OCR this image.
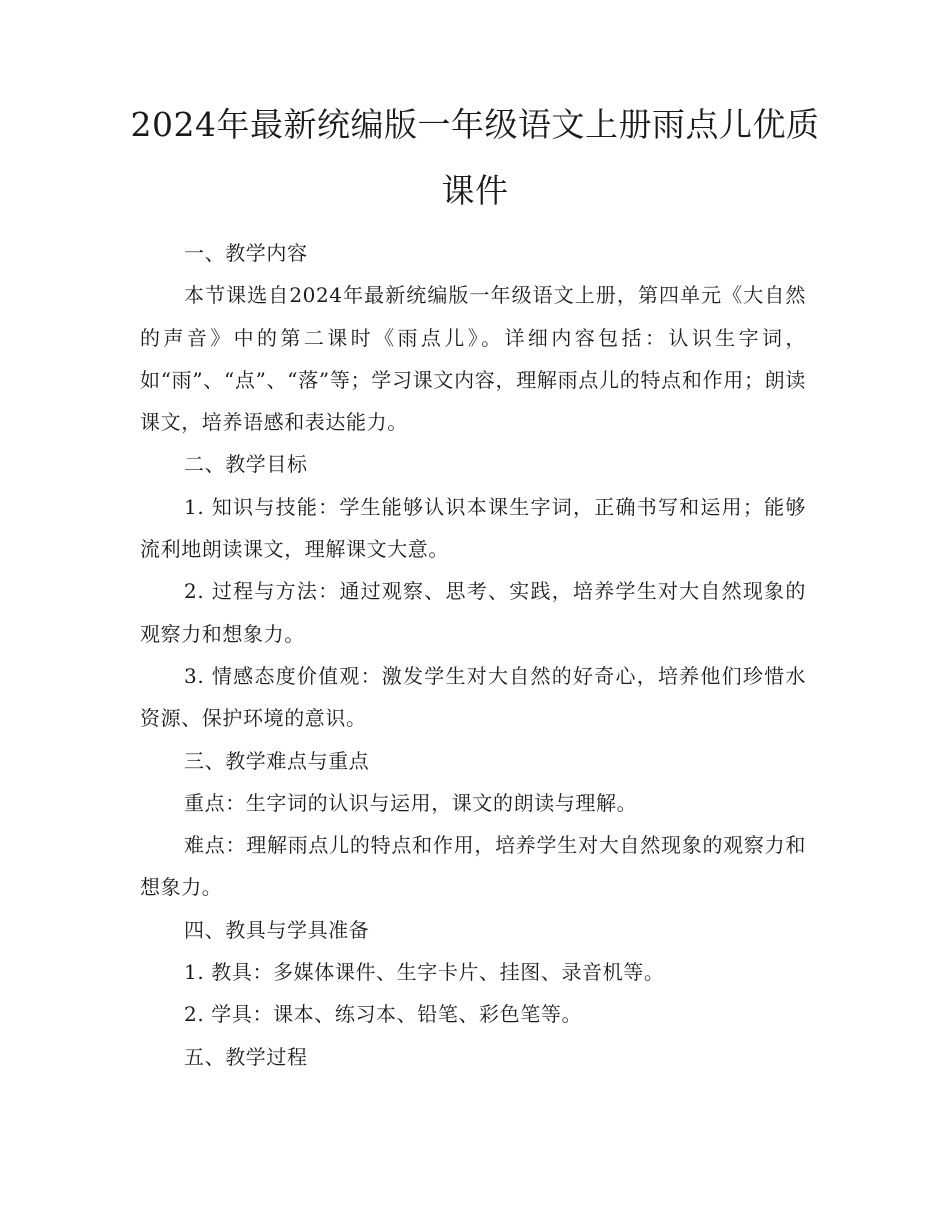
2024年最新统编版一年级语文上册雨点儿优质课件

一、教学内容

本节课选自2024年最新统编版一年级语文上册，第四单元《大自然的声音》中的第二课时《雨点儿》。详细内容包括：认识生字词，如“雨”、“点”、“落”等；学习课文内容，理解雨点儿的特点和作用；朗读课文，培养语感和表达能力。

二、教学目标

1. 知识与技能：学生能够认识本课生字词，正确书写和运用；能够流利地朗读课文，理解课文大意。

2. 过程与方法：通过观察、思考、实践，培养学生对大自然现象的观察力和想象力。

3. 情感态度价值观：激发学生对大自然的好奇心，培养他们珍惜水资源、保护环境的意识。

三、教学难点与重点

重点：生字词的认识与运用，课文的朗读与理解。

难点：理解雨点儿的特点和作用，培养学生对大自然现象的观察力和想象力。

四、教具与学具准备

1. 教具：多媒体课件、生字卡片、挂图、录音机等。

2. 学具：课本、练习本、铅笔、彩色笔等。

五、教学过程
